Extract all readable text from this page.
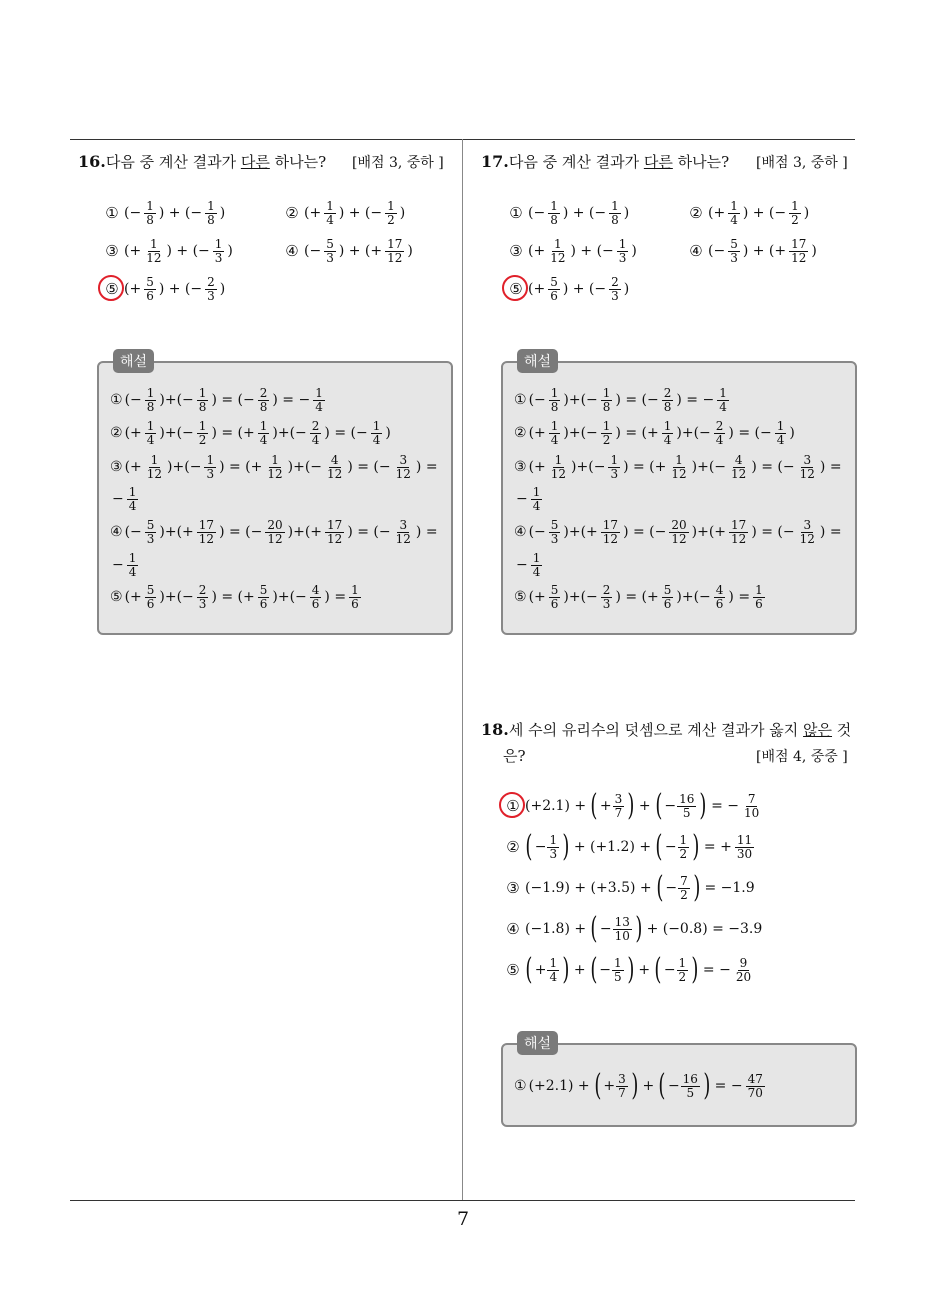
7
16.다음 중 계산 결과가 다른 하나는? [배점 3, 중하 ]
① (− $\frac{1}{8}$ ) + (− $\frac{1}{8}$ )	② (+ $\frac{1}{4}$ ) + (− $\frac{1}{2}$ )
③ (+ $\frac{1}{12}$ ) + (− $\frac{1}{3}$ )	④ (− $\frac{5}{3}$ ) + (+ $\frac{17}{12}$ )
⑤ (+ $\frac{5}{6}$ ) + (− $\frac{2}{3}$ )
해설
① (− $\frac{1}{8}$ )+(− $\frac{1}{8}$ ) = (− $\frac{2}{8}$ ) = − $\frac{1}{4}$
② (+ $\frac{1}{4}$ )+(− $\frac{1}{2}$ ) = (+ $\frac{1}{4}$ )+(− $\frac{2}{4}$ ) = (− $\frac{1}{4}$ )
③ (+ $\frac{1}{12}$ )+(− $\frac{1}{3}$ ) = (+ $\frac{1}{12}$ )+(− $\frac{4}{12}$ ) = (− $\frac{3}{12}$ ) =
− $\frac{1}{4}$
④ (− $\frac{5}{3}$ )+(+ $\frac{17}{12}$ ) = (− $\frac{20}{12}$ )+(+ $\frac{17}{12}$ ) = (− $\frac{3}{12}$ ) =
− $\frac{1}{4}$
⑤ (+ $\frac{5}{6}$ )+(− $\frac{2}{3}$ ) = (+ $\frac{5}{6}$ )+(− $\frac{4}{6}$ ) = $\frac{1}{6}$
17.다음 중 계산 결과가 다른 하나는? [배점 3, 중하 ]
① (− $\frac{1}{8}$ ) + (− $\frac{1}{8}$ )	② (+ $\frac{1}{4}$ ) + (− $\frac{1}{2}$ )
③ (+ $\frac{1}{12}$ ) + (− $\frac{1}{3}$ )	④ (− $\frac{5}{3}$ ) + (+ $\frac{17}{12}$ )
⑤ (+ $\frac{5}{6}$ ) + (− $\frac{2}{3}$ )
해설
① (− $\frac{1}{8}$ )+(− $\frac{1}{8}$ ) = (− $\frac{2}{8}$ ) = − $\frac{1}{4}$
② (+ $\frac{1}{4}$ )+(− $\frac{1}{2}$ ) = (+ $\frac{1}{4}$ )+(− $\frac{2}{4}$ ) = (− $\frac{1}{4}$ )
③ (+ $\frac{1}{12}$ )+(− $\frac{1}{3}$ ) = (+ $\frac{1}{12}$ )+(− $\frac{4}{12}$ ) = (− $\frac{3}{12}$ ) =
− $\frac{1}{4}$
④ (− $\frac{5}{3}$ )+(+ $\frac{17}{12}$ ) = (− $\frac{20}{12}$ )+(+ $\frac{17}{12}$ ) = (− $\frac{3}{12}$ ) =
− $\frac{1}{4}$
⑤ (+ $\frac{5}{6}$ )+(− $\frac{2}{3}$ ) = (+ $\frac{5}{6}$ )+(− $\frac{4}{6}$ ) = $\frac{1}{6}$
18.세 수의 유리수의 덧셈으로 계산 결과가 옳지 않은 것
은?	[배점 4, 중중 ]
① (+2.1) + ( + $\frac{3}{7}$ ) + ( − $\frac{16}{5}$ ) = − $\frac{7}{10}$
② ( − $\frac{1}{3}$ ) + (+1.2) + ( − $\frac{1}{2}$ ) = + $\frac{11}{30}$
③ (−1.9) + (+3.5) + ( − $\frac{7}{2}$ ) = −1.9
④ (−1.8) + ( − $\frac{13}{10}$ ) + (−0.8) = −3.9
⑤ ( + $\frac{1}{4}$ ) + ( − $\frac{1}{5}$ ) + ( − $\frac{1}{2}$ ) = − $\frac{9}{20}$
해설
① (+2.1) + ( + $\frac{3}{7}$ ) + ( − $\frac{16}{5}$ ) = − $\frac{47}{70}$
